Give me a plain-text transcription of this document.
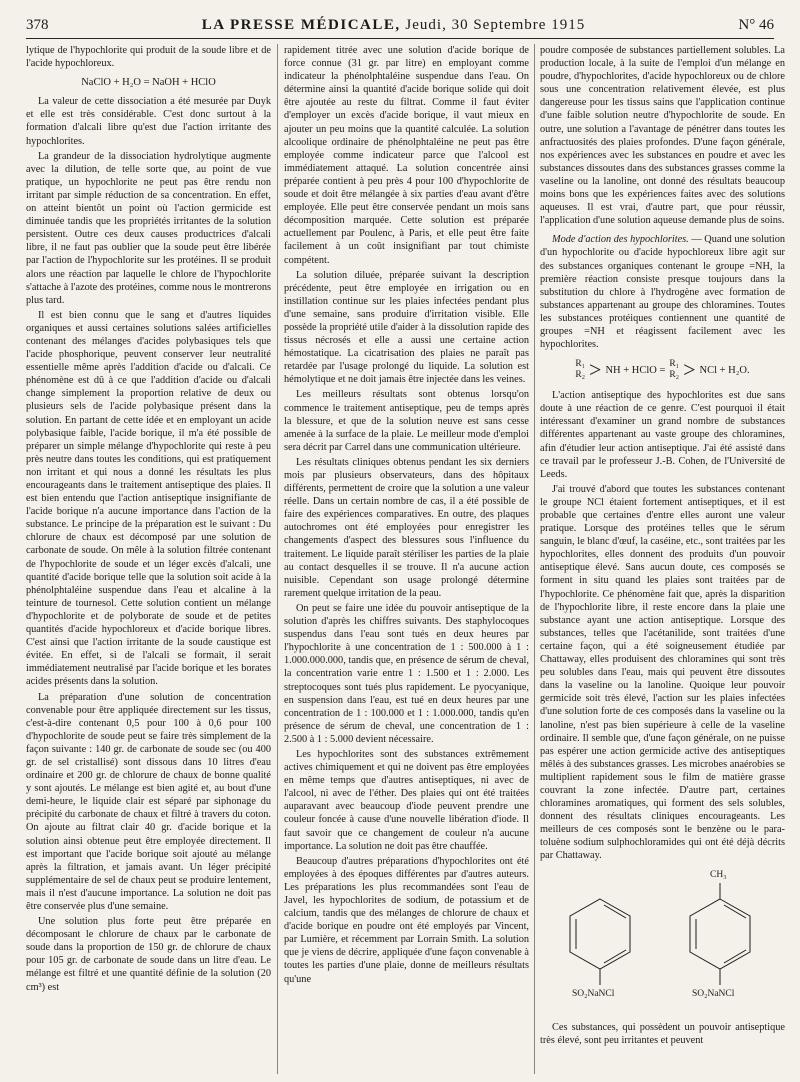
378	LA PRESSE MÉDICALE, Jeudi, 30 Septembre 1915	N° 46

lytique de l'hypochlorite qui produit de la soude libre et de l'acide hypochloreux.

NaClO + H₂O = NaOH + HClO

La valeur de cette dissociation a été mesurée par Duyk et elle est très considérable. C'est donc surtout à la formation d'alcali libre qu'est due l'action irritante des hypochlorites.

La grandeur de la dissociation hydrolytique augmente avec la dilution, de telle sorte que, au point de vue pratique, un hypochlorite ne peut pas être rendu non irritant par simple réduction de sa concentration. En effet, on atteint bientôt un point où l'action germicide est diminuée tandis que les propriétés irritantes de la solution persistent. Outre ces deux causes productrices d'alcali libre, il ne faut pas oublier que la soude peut être libérée par l'action de l'hypochlorite sur les protéines. Il se produit alors une réaction par laquelle le chlore de l'hypochlorite s'attache à l'azote des protéines, comme nous le montrerons plus tard.

Il est bien connu que le sang et d'autres liquides organiques et aussi certaines solutions salées artificielles contenant des mélanges d'acides polybasiques tels que l'acide phosphorique, peuvent conserver leur neutralité essentielle même après l'addition d'acide ou d'alcali. Ce phénomène est dû à ce que l'addition d'acide ou d'alcali change simplement la proportion relative de deux ou plusieurs sels de l'acide polybasique présent dans la solution. En partant de cette idée et en employant un acide polybasique faible, l'acide borique, il m'a été possible de préparer un simple mélange d'hypochlorite qui reste à peu près neutre dans toutes les conditions, qui est pratiquement non irritant et qui nous a donné les résultats les plus encourageants dans le traitement antiseptique des plaies. Il est bien entendu que l'action antiseptique insignifiante de l'acide borique n'a aucune importance dans l'action de la substance. Le principe de la préparation est le suivant : Du chlorure de chaux est décomposé par une solution de carbonate de soude. On mêle à la solution filtrée contenant de l'hypochlorite de soude et un léger excès d'alcali, une quantité d'acide borique telle que la solution soit acide à la phénolphtaléine suspendue dans l'eau et alcaline à la teinture de tournesol. Cette solution contient un mélange d'hypochlorite et de polyborate de soude et de petites quantités d'acide hypochloreux et d'acide borique libres. C'est ainsi que l'action irritante de la soude caustique est évitée. En effet, si de l'alcali se formait, il serait immédiatement neutralisé par l'acide borique et les borates acides présents dans la solution.

La préparation d'une solution de concentration convenable pour être appliquée directement sur les tissus, c'est-à-dire contenant 0,5 pour 100 à 0,6 pour 100 d'hypochlorite de soude peut se faire très simplement de la façon suivante : 140 gr. de carbonate de soude sec (ou 400 gr. de sel cristallisé) sont dissous dans 10 litres d'eau ordinaire et 200 gr. de chlorure de chaux de bonne qualité y sont ajoutés. Le mélange est bien agité et, au bout d'une demi-heure, le liquide clair est séparé par siphonage du précipité du carbonate de chaux et filtré à travers du coton. On ajoute au filtrat clair 40 gr. d'acide borique et la solution ainsi obtenue peut être employée directement. Il est important que l'acide borique soit ajouté au mélange après la filtration, et jamais avant. Un léger précipité supplémentaire de sel de chaux peut se produire lentement, mais il n'est d'aucune importance. La solution ne doit pas être conservée plus d'une semaine.

Une solution plus forte peut être préparée en décomposant le chlorure de chaux par le carbonate de soude dans la proportion de 150 gr. de chlorure de chaux pour 105 gr. de carbonate de soude dans un litre d'eau. Le mélange est filtré et une quantité définie de la solution (20 cm³) est

rapidement titrée avec une solution d'acide borique de force connue (31 gr. par litre) en employant comme indicateur la phénolphtaléine suspendue dans l'eau. On détermine ainsi la quantité d'acide borique solide qui doit être ajoutée au reste du filtrat. Comme il faut éviter d'employer un excès d'acide borique, il vaut mieux en ajouter un peu moins que la quantité calculée. La solution alcoolique ordinaire de phénolphtaléine ne peut pas être employée comme indicateur parce que l'alcool est immédiatement attaqué. La solution concentrée ainsi préparée contient à peu près 4 pour 100 d'hypochlorite de soude et doit être mélangée à six parties d'eau avant d'être employée. Elle peut être conservée pendant un mois sans décomposition marquée. Cette solution est préparée actuellement par Poulenc, à Paris, et elle peut être faite facilement à un coût insignifiant par tout chimiste compétent.

La solution diluée, préparée suivant la description précédente, peut être employée en irrigation ou en instillation continue sur les plaies infectées pendant plus d'une semaine, sans produire d'irritation visible. Elle possède la propriété utile d'aider à la dissolution rapide des tissus nécrosés et elle a aussi une certaine action hémostatique. La cicatrisation des plaies ne paraît pas retardée par l'usage prolongé du liquide. La solution est hémolytique et ne doit jamais être injectée dans les veines.

Les meilleurs résultats sont obtenus lorsqu'on commence le traitement antiseptique, peu de temps après la blessure, et que de la solution neuve est sans cesse amenée à la surface de la plaie. Le meilleur mode d'emploi sera décrit par Carrel dans une communication ultérieure.

Les résultats cliniques obtenus pendant les six derniers mois par plusieurs observateurs, dans des hôpitaux différents, permettent de croire que la solution a une valeur réelle. Dans un certain nombre de cas, il a été possible de faire des expériences comparatives. En outre, des plaques autochromes ont été employées pour enregistrer les changements d'aspect des blessures sous l'influence du traitement. Le liquide paraît stériliser les parties de la plaie au contact desquelles il se trouve. Il n'a aucune action nuisible. Cependant son usage prolongé détermine rarement quelque irritation de la peau.

On peut se faire une idée du pouvoir antiseptique de la solution d'après les chiffres suivants. Des staphylocoques suspendus dans l'eau sont tués en deux heures par l'hypochlorite à une concentration de 1 : 500.000 à 1 : 1.000.000.000, tandis que, en présence de sérum de cheval, la concentration varie entre 1 : 1.500 et 1 : 2.000. Les streptocoques sont tués plus rapidement. Le pyocyanique, en suspension dans l'eau, est tué en deux heures par une concentration de 1 : 100.000 et 1 : 1.000.000, tandis qu'en présence de sérum de cheval, une concentration de 1 : 2.500 à 1 : 5.000 devient nécessaire.

Les hypochlorites sont des substances extrêmement actives chimiquement et qui ne doivent pas être employées en même temps que d'autres antiseptiques, ni avec de l'alcool, ni avec de l'éther. Des plaies qui ont été traitées auparavant avec beaucoup d'iode peuvent prendre une couleur foncée à cause d'une nouvelle libération d'iode. Il faut savoir que ce changement de couleur n'a aucune importance. La solution ne doit pas être chauffée.

Beaucoup d'autres préparations d'hypochlorites ont été employées à des époques différentes par d'autres auteurs. Les préparations les plus recommandées sont l'eau de Javel, les hypochlorites de sodium, de potassium et de calcium, tandis que des mélanges de chlorure de chaux et d'acide borique en poudre ont été employés par Vincent, par Lumière, et récemment par Lorrain Smith. La solution que je viens de décrire, appliquée d'une façon convenable à toutes les parties d'une plaie, donne de meilleurs résultats qu'une

poudre composée de substances partiellement solubles. La production locale, à la suite de l'emploi d'un mélange en poudre, d'hypochlorites, d'acide hypochloreux ou de chlore sous une concentration relativement élevée, est plus dangereuse pour les tissus sains que l'application continue d'une faible solution neutre d'hypochlorite de soude. En outre, une solution a l'avantage de pénétrer dans toutes les anfractuosités des plaies profondes. D'une façon générale, nos expériences avec les substances en poudre et avec les substances dissoutes dans des substances grasses comme la vaseline ou la lanoline, ont donné des résultats beaucoup moins bons que les expériences faites avec des solutions aqueuses. Il est vrai, d'autre part, que pour réussir, l'application d'une solution aqueuse demande plus de soins.

Mode d'action des hypochlorites. — Quand une solution d'un hypochlorite ou d'acide hypochloreux libre agit sur des substances organiques contenant le groupe =NH, la première réaction consiste presque toujours dans la substitution du chlore à l'hydrogène avec formation de substances appartenant au groupe des chloramines. Toutes les substances protéiques contiennent une quantité de groupes =NH et réagissent facilement avec les hypochlorites.

R₁
R₂ > NH + HClO =
R₁
R₂ > NCl + H₂O.

L'action antiseptique des hypochlorites est due sans doute à une réaction de ce genre. C'est pourquoi il était intéressant d'examiner un grand nombre de substances différentes appartenant au vaste groupe des chloramines, afin d'étudier leur action antiseptique. J'ai été assisté dans ce travail par le professeur J.-B. Cohen, de l'Université de Leeds.

J'ai trouvé d'abord que toutes les substances contenant le groupe NCl étaient fortement antiseptiques, et il est probable que certaines d'entre elles auront une valeur pratique. Lorsque des protéines telles que le sérum sanguin, le blanc d'œuf, la caséine, etc., sont traitées par les hypochlorites, elles donnent des produits d'un pouvoir antiseptique élevé. Sans aucun doute, ces composés se forment in situ quand les plaies sont traitées par de l'hypochlorite. Ce phénomène fait que, après la disparition de l'hypochlorite libre, il reste encore dans la plaie une substance ayant une action antiseptique. Lorsque des substances, telles que l'acétanilide, sont traitées d'une certaine façon, qui a été soigneusement étudiée par Chattaway, elles produisent des chloramines qui sont très peu solubles dans l'eau, mais qui peuvent être dissoutes dans la vaseline ou la lanoline. Quoique leur pouvoir germicide soit très élevé, l'action sur les plaies infectées d'une solution forte de ces composés dans la vaseline ou la lanoline, n'est pas bien supérieure à celle de la vaseline ordinaire. Il semble que, d'une façon générale, on ne puisse pas espérer une action germicide active des antiseptiques mêlés à des substances grasses. Les microbes anaérobies se multiplient rapidement sous le film de matière grasse couvrant la zone infectée. D'autre part, certaines chloramines aromatiques, qui forment des sels solubles, donnent des résultats cliniques encourageants. Les meilleurs de ces composés sont le benzène ou le para-toluène sodium sulphochloramides qui ont été déjà décrits par Chattaway.

CH₃
SO₂NaNCl	SO₂NaNCl

Ces substances, qui possèdent un pouvoir antiseptique très élevé, sont peu irritantes et peuvent
